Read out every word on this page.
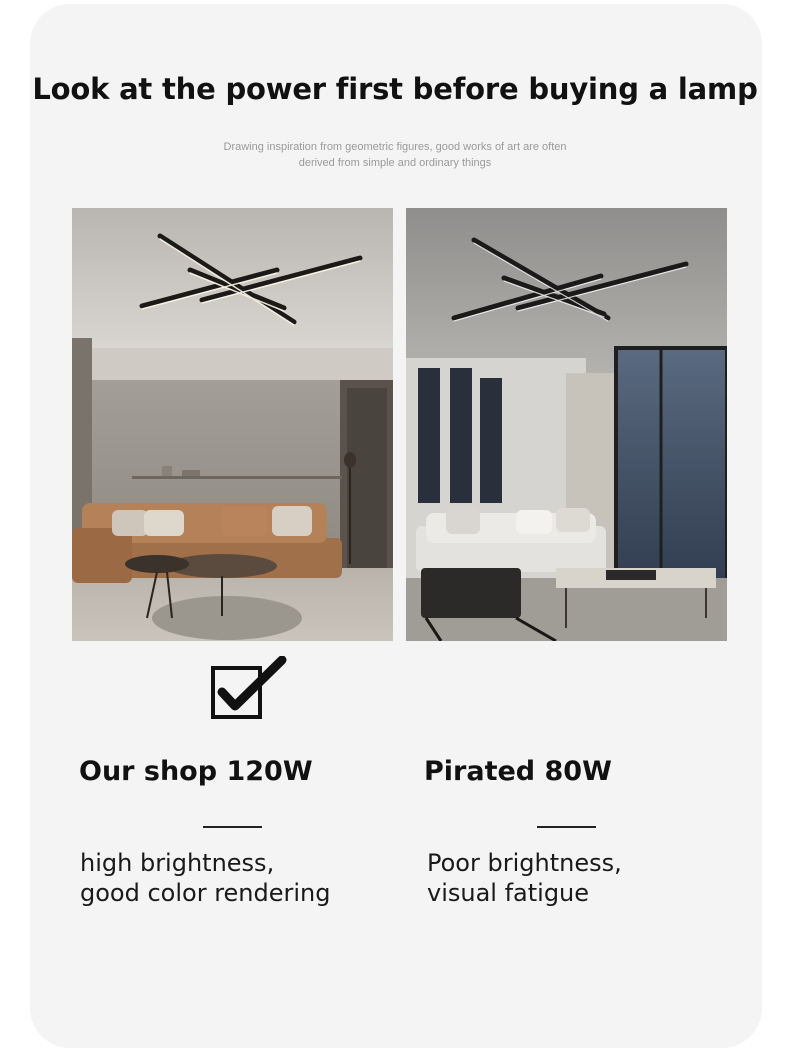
Look at the power first before buying a lamp
Drawing inspiration from geometric figures, good works of art are often
derived from simple and ordinary things
Our shop 120W	Pirated 80W
high brightness,
good color rendering
Poor brightness,
visual fatigue
